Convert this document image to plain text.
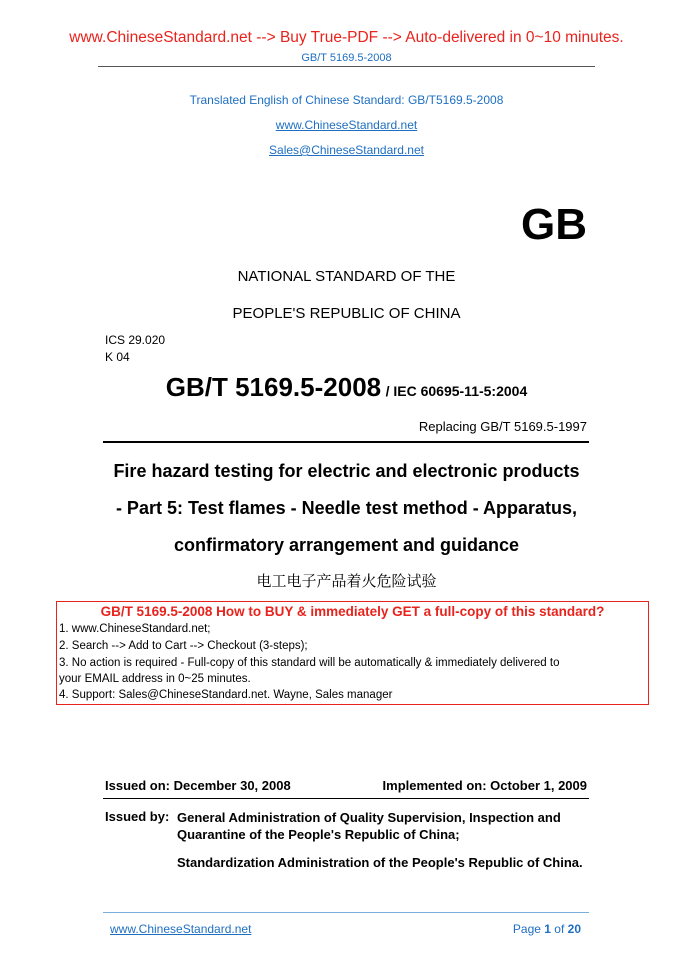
www.ChineseStandard.net --> Buy True-PDF --> Auto-delivered in 0~10 minutes.
GB/T 5169.5-2008
Translated English of Chinese Standard: GB/T5169.5-2008
www.ChineseStandard.net
Sales@ChineseStandard.net
GB
NATIONAL STANDARD OF THE
PEOPLE'S REPUBLIC OF CHINA
ICS 29.020
K 04
GB/T 5169.5-2008 / IEC 60695-11-5:2004
Replacing GB/T 5169.5-1997
Fire hazard testing for electric and electronic products
- Part 5: Test flames - Needle test method - Apparatus,
confirmatory arrangement and guidance
电工电子产品着火危险试验
GB/T 5169.5-2008 How to BUY & immediately GET a full-copy of this standard?
1. www.ChineseStandard.net;
2. Search --> Add to Cart --> Checkout (3-steps);
3. No action is required - Full-copy of this standard will be automatically & immediately delivered to
your EMAIL address in 0~25 minutes.
4. Support: Sales@ChineseStandard.net. Wayne, Sales manager
Issued on: December 30, 2008	Implemented on: October 1, 2009
Issued by: General Administration of Quality Supervision, Inspection and Quarantine of the People's Republic of China;
Standardization Administration of the People's Republic of China.
www.ChineseStandard.net	Page 1 of 20
